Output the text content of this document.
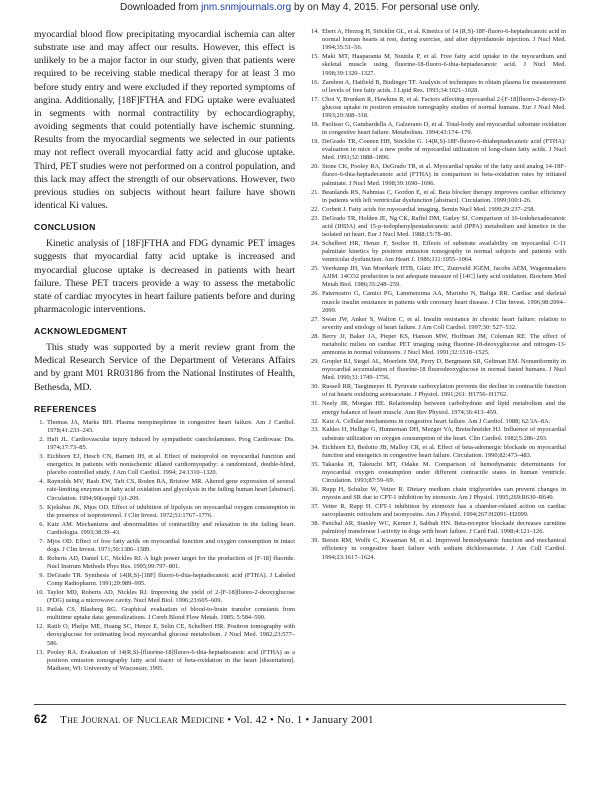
Downloaded from jnm.snmjournals.org by on May 4, 2015. For personal use only.

myocardial blood flow precipitating myocardial ischemia can alter substrate use and may affect our results. However, this effect is unlikely to be a major factor in our study, given that patients were required to be receiving stable medical therapy for at least 3 mo before study entry and were excluded if they reported symptoms of angina. Additionally, [18F]FTHA and FDG uptake were evaluated in segments with normal contractility by echocardiography, avoiding segments that could potentially have ischemic stunning. Results from the myocardial segments we selected in our patients may not reflect overall myocardial fatty acid and glucose uptake. Third, PET studies were not performed on a control population, and this lack may affect the strength of our observations. However, two previous studies on subjects without heart failure have shown identical Ki values.

CONCLUSION

Kinetic analysis of [18F]FTHA and FDG dynamic PET images suggests that myocardial fatty acid uptake is increased and myocardial glucose uptake is decreased in patients with heart failure. These PET tracers provide a way to assess the metabolic state of cardiac myocytes in heart failure patients before and during pharmacologic interventions.

ACKNOWLEDGMENT

This study was supported by a merit review grant from the Medical Research Service of the Department of Veterans Affairs and by grant M01 RR03186 from the National Institutes of Health, Bethesda, MD.

REFERENCES
1. Thomas JA, Marks BH. Plasma norepinephrine in congestive heart failure. Am J Cardiol. 1978;41:233–243.
2. Haft JL. Cardiovascular injury induced by sympathetic catecholamines. Prog Cardiovasc Dis. 1974;17:73–85.
3. Eichhorn EJ, Hesch CN, Barnett JH, et al. Effect of metoprolol on myocardial function and energetics in patients with nonischemic dilated cardiomyopathy: a randomized, double-blind, placebo controlled study. J Am Coll Cardiol. 1994; 24:1310–1320.
4. Raynolds MV, Bash EW, Taft CS, Roden RA, Bristow MR. Altered gene expression of several rate-limiting enzymes in fatty acid oxidation and glycolysis in the failing human heart [abstract]. Circulation. 1994;90(suppl 1):I-209.
5. Kjekshus JK, Mjos OD. Effect of inhibition of lipolysis on myocardial oxygen consumption in the presence of isoproterenol. J Clin Invest. 1972;51:1767–1776.
6. Katz AM. Mechanisms and abnormalities of contractility and relaxation in the failing heart. Cardiologia. 1993;38:39–43.
7. Mjos OD. Effect of free fatty acids on myocardial function and oxygen consumption in intact dogs. J Clin Invest. 1971;50:1386–1389.
8. Roberts AD, Daniel LC, Nickles RJ. A high power target for the production of [F-18] fluoride. Nucl Instrum Methods Phys Res. 1995;99:797–801.
9. DeGrado TR. Synthesis of 14(R,S)-[18F] fluoro-6-thia-heptadecanoic acid (FTHA). J Labeled Comp Radiopharm. 1991;29:989–995.
10. Taylor MD, Roberts AD, Nickles RJ. Improving the yield of 2-[F-18]fluoro-2-deoxyglucose (FDG) using a microwave cavity. Nucl Med Biol. 1996;23:605–609.
11. Patlak CS, Blasberg RG. Graphical evaluation of blood-to-brain transfer constants from multitime uptake data: generalizations. J Cereb Blood Flow Metab. 1985; 5:584–590.
12. Ratib O, Phelps ME, Huang SC, Henze E, Selin CE, Schelbert HR. Positron tomography with deoxyglucose for estimating local myocardial glucose metabolism. J Nucl Med. 1982;23:577–586.
13. Pooley RA. Evaluation of 14(R,S)-[fluorine-18]fluoro-6-thia-heptadecanoic acid (FTHA) as a positron emission tomography fatty acid tracer of beta-oxidation in the heart [dissertation]. Madison, WI: University of Wisconsin; 1995.
14. Ebert A, Herzog H, Stöcklin GL, et al. Kinetics of 14 (R,S)-18F-fluoro-6-heptadecanoic acid in normal human hearts at rest, during exercise, and after dipyridamole injection. J Nucl Med. 1994;35:51–56.
15. Maki MT, Haaparanta M, Nuutila P, et al. Free fatty acid uptake in the myocardium and skeletal muscle using fluorine-18-fluoro-6-thia-heptadecanoic acid. J Nucl Med. 1998;39:1320–1327.
16. Zambon A, Hatfield B, Budinger TF. Analysis of techniques to obtain plasma for measurement of levels of free fatty acids. J Lipid Res. 1993;34:1021–1028.
17. Choi Y, Brunken R, Hawkins R, et al. Factors affecting myocardial 2-[F-18]fluoro-2-deoxy-D-glucose uptake in positron emission tomography studies of normal humans. Eur J Nucl Med. 1993;20:308–318.
18. Paolisso G, Gambardella A, Galzerano D, et al. Total-body and myocardial substrate oxidation in congestive heart failure. Metabolism. 1994;43:174–179.
19. DeGrado TR, Coenen HH, Stöcklin G. 14(R,S)-18F-fluoro-6-thiaheptadecanoic acid (FTHA): evaluation in mice of a new probe of myocardial utilization of long-chain fatty acids. J Nucl Med. 1991;32:1888–1896.
20. Stone CK, Pooley RA, DeGrado TR, et al. Myocardial uptake of the fatty acid analog 14-18F-fluoro-6-thia-heptadecanoic acid (FTHA) in comparison to beta-oxidation rates by tritiated palmitate. J Nucl Med. 1998;39:1690–1696.
21. Beanlands RS, Nahmias C, Gordon E, et al. Beta blocker therapy improves cardiac efficiency in patients with left ventricular dysfunction [abstract]. Circulation. 1999;100:I-26.
22. Corbett J. Fatty acids for myocardial imaging. Semin Nucl Med. 1999;29:237–258.
23. DeGrado TR, Holden JE, Ng CK, Raffel DM, Gatley SJ. Comparison of 16-iodohexadecanoic acid (IHDA) and 15-p-iodophenylpentadecanoic acid (IPPA) metabolism and kinetics in the isolated rat heart. Eur J Nucl Med. 1988;15:78–80.
24. Schelbert HR, Henze F, Sochor H. Effects of substrate availability on myocardial C-11 palmitate kinetics by positron emission tomography in normal subjects and patients with ventricular dysfunction. Am Heart J. 1986;111:1055–1064.
25. Veerkamp JH, Van Moerkerk HTB, Glatz JFC, Zuurveld JGEM, Jacobs AEM, Wagenmakers AJJM. 14CO2 production is not adequate measure of [14C] fatty acid oxidation. Biochem Med Metab Biol. 1986;35:248–259.
26. Paternostro G, Camici PG, Lammerstma AA, Marinho N, Baliga RR. Cardiac and skeletal muscle insulin resistance in patients with coronary heart disease. J Clin Invest. 1996;98:2094–2099.
27. Swan JW, Anker S, Walton C, et al. Insulin resistance in chronic heart failure: relation to severity and etiology of heart failure. J Am Coll Cardiol. 1997;30: 527–532.
28. Berry JJ, Baker JA, Pieper KS, Hanson MW, Hoffman JM, Coleman RE. The effect of metabolic milieu on cardiac PET imaging using fluorine-18-deoxyglucose and nitrogen-13-ammonia in normal volunteers. J Nucl Med. 1991;32:1518–1525.
29. Gropler RJ, Siegel AL, Moerlein SM, Perry D, Bergmann SR, Geltman EM. Nonuniformity in myocardial accumulation of fluorine-18 fluorodeoxyglucose in normal fasted humans. J Nucl Med. 1990;31:1749–1756.
30. Russell RR, Taegtmeyer H. Pyruvate carboxylation prevents the decline in contractile function of rat hearts oxidizing acetoacetate. J Physiol. 1991;261: H1756–H1762.
31. Neely JR, Morgan HE. Relationship between carbohydrate and lipid metabolism and the energy balance of heart muscle. Ann Rev Physiol. 1974;36:413–459.
32. Katz A. Cellular mechanisms in congestive heart failure. Am J Cardiol. 1988; 62:3A–8A.
33. Kahles H, Hellige G, Hunneman DH, Mezger VA, Bretschneider HJ. Influence of myocardial substrate utilization on oxygen consumption of the heart. Clin Cardiol. 1982;5:286–293.
34. Eichhorn EJ, Bedotto JB, Malloy CR, et al. Effect of beta-adrenergic blockade on myocardial function and energetics in congestive heart failure. Circulation. 1990;82:473–483.
35. Takaoka H, Takeuchi MT, Odake M. Comparison of hemodynamic determinants for myocardial oxygen consumption under different contractile states in human ventricle. Circulation. 1993;87:59–69.
36. Rupp H, Schulze W, Vetter R. Dietary medium chain triglycerides can prevent changes in myosin and SR due to CPT-1 inhibition by etomoxir. Am J Physiol. 1995;269:R630–R640.
37. Vetter R, Rupp H. CPT-1 inhibition by etomoxir has a chamber-related action on cardiac sarcoplasmic reticulum and isomyosins. Am J Physiol. 1994;267:H2091–H2099.
38. Panchal AR, Stanley WC, Kerner J, Sabbah HN. Beta-receptor blockade decreases carnitine palmitoyl transferase I activity in dogs with heart failure. J Card Fail. 1998;4:121–126.
39. Bersin RM, Wolfe C, Kwasman M, et al. Improved hemodynamic function and mechanical efficiency in congestive heart failure with sodium dichloroacetate. J Am Coll Cardiol. 1994;23:1617–1624.
62 The Journal of Nuclear Medicine • Vol. 42 • No. 1 • January 2001
